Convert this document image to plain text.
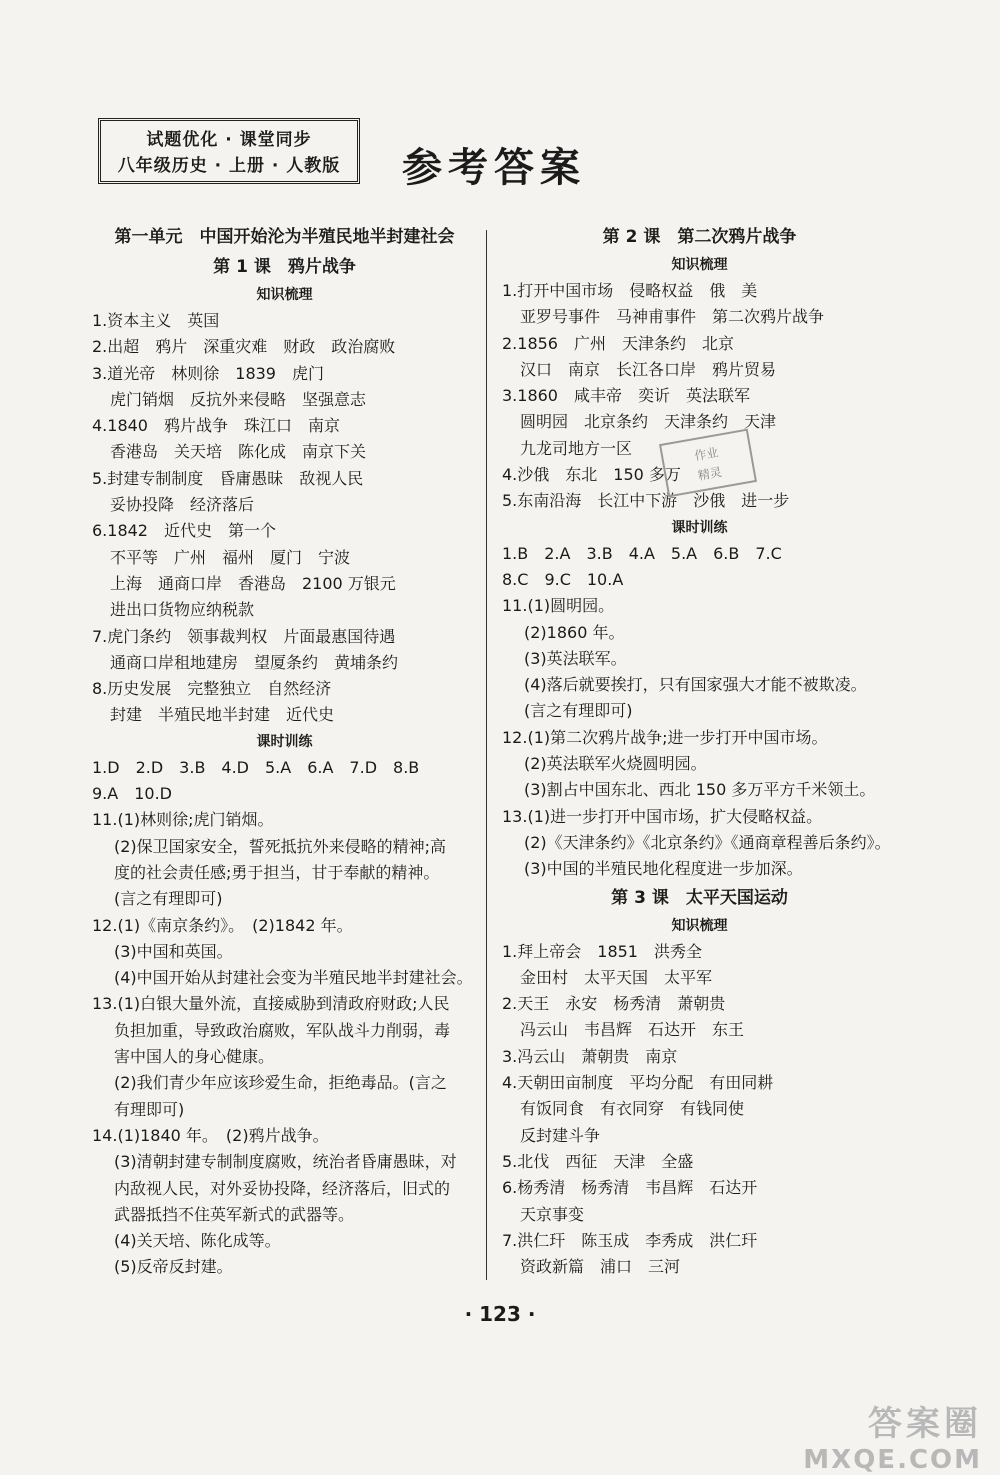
试题优化 · 课堂同步
八年级历史 · 上册 · 人教版	参考答案
第一单元　中国开始沦为半殖民地半封建社会
第 1 课　鸦片战争
知识梳理
1.资本主义　英国
2.出超　鸦片　深重灾难　财政　政治腐败
3.道光帝　林则徐　1839　虎门
虎门销烟　反抗外来侵略　坚强意志
4.1840　鸦片战争　珠江口　南京
香港岛　关天培　陈化成　南京下关
5.封建专制制度　昏庸愚昧　敌视人民
妥协投降　经济落后
6.1842　近代史　第一个
不平等　广州　福州　厦门　宁波
上海　通商口岸　香港岛　2100 万银元
进出口货物应纳税款
7.虎门条约　领事裁判权　片面最惠国待遇
通商口岸租地建房　望厦条约　黄埔条约
8.历史发展　完整独立　自然经济
封建　半殖民地半封建　近代史
课时训练
1.D　2.D　3.B　4.D　5.A　6.A　7.D　8.B
9.A　10.D
11.(1)林则徐;虎门销烟。
(2)保卫国家安全，誓死抵抗外来侵略的精神;高
度的社会责任感;勇于担当，甘于奉献的精神。
(言之有理即可)
12.(1)《南京条约》。　(2)1842 年。
(3)中国和英国。
(4)中国开始从封建社会变为半殖民地半封建社会。
13.(1)白银大量外流，直接威胁到清政府财政;人民
负担加重，导致政治腐败，军队战斗力削弱，毒
害中国人的身心健康。
(2)我们青少年应该珍爱生命，拒绝毒品。(言之
有理即可)
14.(1)1840 年。　(2)鸦片战争。
(3)清朝封建专制制度腐败，统治者昏庸愚昧，对
内敌视人民，对外妥协投降，经济落后，旧式的
武器抵挡不住英军新式的武器等。
(4)关天培、陈化成等。
(5)反帝反封建。
第 2 课　第二次鸦片战争
知识梳理
1.打开中国市场　侵略权益　俄　美
亚罗号事件　马神甫事件　第二次鸦片战争
2.1856　广州　天津条约　北京
汉口　南京　长江各口岸　鸦片贸易
3.1860　咸丰帝　奕䜣　英法联军
圆明园　北京条约　天津条约　天津
九龙司地方一区
4.沙俄　东北　150 多万
5.东南沿海　长江中下游　沙俄　进一步
课时训练
1.B　2.A　3.B　4.A　5.A　6.B　7.C
8.C　9.C　10.A
11.(1)圆明园。
(2)1860 年。
(3)英法联军。
(4)落后就要挨打，只有国家强大才能不被欺凌。
(言之有理即可)
12.(1)第二次鸦片战争;进一步打开中国市场。
(2)英法联军火烧圆明园。
(3)割占中国东北、西北 150 多万平方千米领土。
13.(1)进一步打开中国市场，扩大侵略权益。
(2)《天津条约》《北京条约》《通商章程善后条约》。
(3)中国的半殖民地化程度进一步加深。
第 3 课　太平天国运动
知识梳理
1.拜上帝会　1851　洪秀全
金田村　太平天国　太平军
2.天王　永安　杨秀清　萧朝贵
冯云山　韦昌辉　石达开　东王
3.冯云山　萧朝贵　南京
4.天朝田亩制度　平均分配　有田同耕
有饭同食　有衣同穿　有钱同使
反封建斗争
5.北伐　西征　天津　全盛
6.杨秀清　杨秀清　韦昌辉　石达开
天京事变
7.洪仁玕　陈玉成　李秀成　洪仁玕
资政新篇　浦口　三河
作业
精灵
· 123 ·
答案圈
MXQE.COM
